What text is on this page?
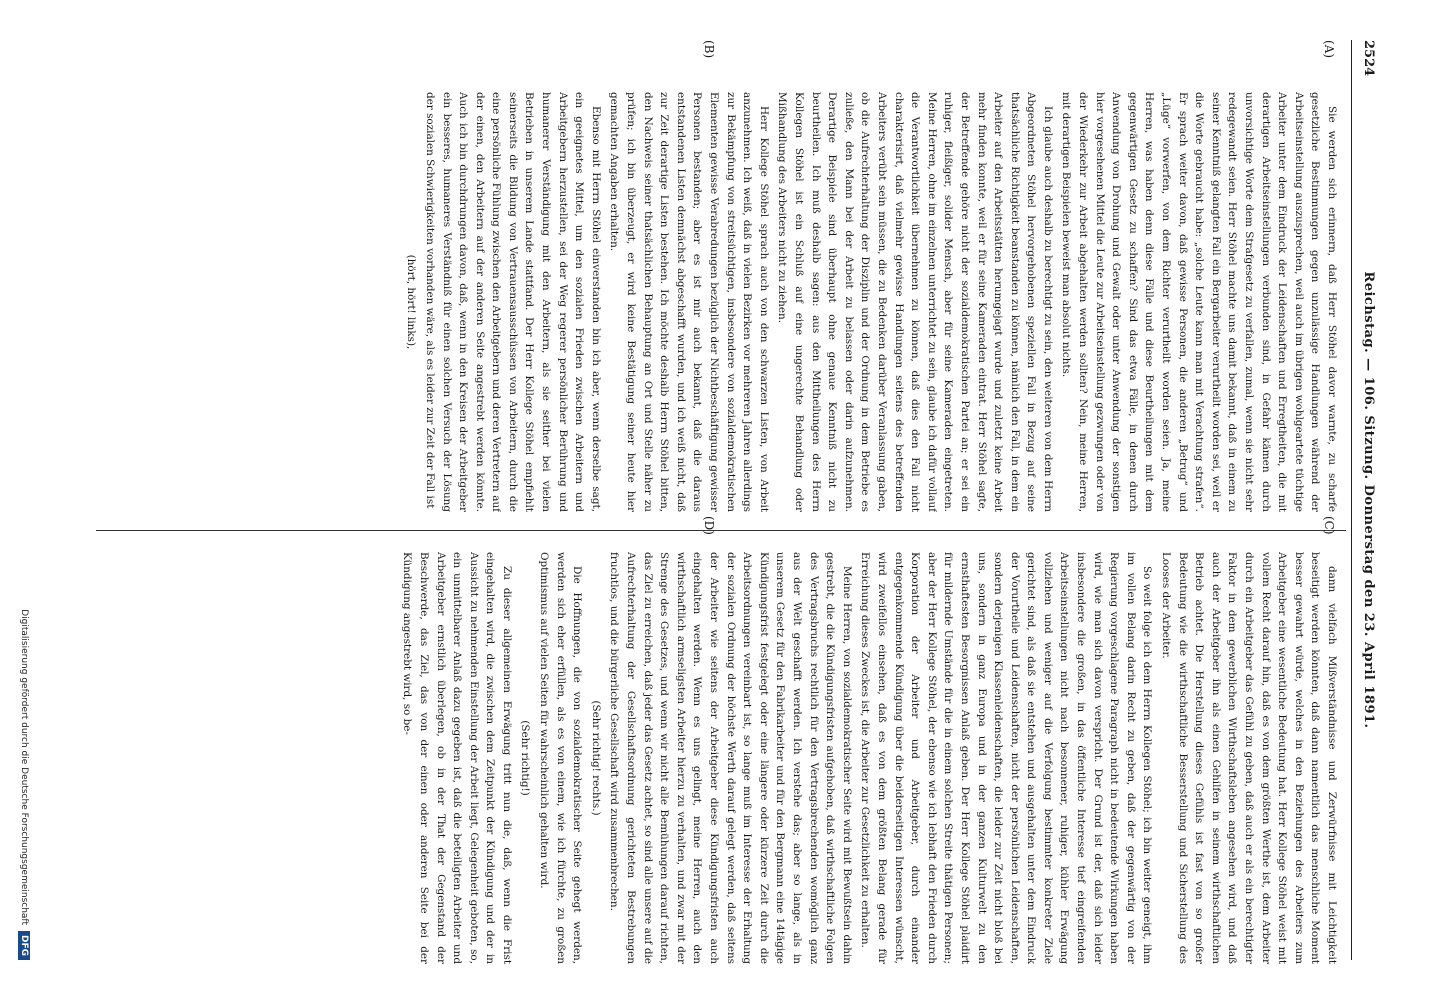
2524
Reichstag. — 106. Sitzung. Donnerstag den 23. April 1891.
(A)
(B)
(C)
(D)

Sie werden sich erinnern, daß Herr Stöhel davor warnte, zu scharfe gesetzliche Bestimmungen gegen unzulässige Handlungen während der Arbeitseinstellung auszusprechen, weil auch im übrigen wohlgeartete tüchtige Arbeiter unter dem Eindruck der Leidenschaften und Erregtheiten, die mit derartigen Arbeitseinstellungen verbunden sind, in Gefahr kämen durch unvorsichtige Worte dem Strafgesetz zu verfallen, zumal, wenn sie nicht sehr redegewandt seien. Herr Stöhel machte uns damit bekannt, daß in einem zu seiner Kenntniß gelangten Fall ein Bergarbeiter verurtheilt worden sei, weil er die Worte gebraucht habe: „solche Leute kann man mit Verachtung strafen“. Er sprach weiter davon, daß gewisse Personen, die anderen „Betrug“ und „Lüge“ vorwerfen, von dem Richter verurtheilt worden seien. Ja, meine Herren, was haben denn diese Fälle und diese Beurtheilungen mit dem gegenwärtigen Gesetz zu schaffen? Sind das etwa Fälle, in denen durch Anwendung von Drohung und Gewalt oder unter Anwendung der sonstigen hier vorgesehenen Mittel die Leute zur Arbeitseinstellung gezwungen oder von der Wiederkehr zur Arbeit abgehalten werden sollten? Nein, meine Herren, mit derartigen Beispielen beweist man absolut nichts.

Ich glaube auch deshalb zu berechtigt zu sein, den weiteren von dem Herrn Abgeordneten Stöhel hervorgehobenen speziellen Fall in Bezug auf seine thatsächliche Richtigkeit beanstanden zu können, nämlich den Fall, in dem ein Arbeiter auf den Arbeitsstätten herumgejagt wurde und zuletzt keine Arbeit mehr finden konnte, weil er für seine Kameraden eintrat. Herr Stöhel sagte, der Betreffende gehöre nicht der sozialdemokratischen Partei an; er sei ein ruhiger, fleißiger, solider Mensch, aber für seine Kameraden eingetreten. Meine Herren, ohne im einzelnen unterrichtet zu sein, glaube ich dafür vollauf die Verantwortlichkeit übernehmen zu können, daß dies den Fall nicht charakterisirt, daß vielmehr gewisse Handlungen seitens des betreffenden Arbeiters verübt sein müssen, die zu Bedenken darüber Veranlassung gaben, ob die Aufrechterhaltung der Disziplin und der Ordnung in dem Betriebe es zuließe, den Mann bei der Arbeit zu belassen oder darin aufzunehmen. Derartige Beispiele sind überhaupt ohne genaue Kenntniß nicht zu beurtheilen. Ich muß deshalb sagen: aus den Mittheilungen des Herrn Kollegen Stöhel ist ein Schluß auf eine ungerechte Behandlung oder Mißhandlung des Arbeiters nicht zu ziehen.

Herr Kollege Stöhel sprach auch von den schwarzen Listen, von Arbeit anzunehmen. Ich weiß, daß in vielen Bezirken vor mehreren Jahren allerdings zur Bekämpfung von streitsüchtigen, insbesondere von sozialdemokratischen Elementen gewisse Verabredungen bezüglich der Nichtbeschäftigung gewisser Personen bestanden; aber es ist mir auch bekannt, daß die daraus entstandenen Listen demnächst abgeschafft wurden, und ich weiß nicht, daß zur Zeit derartige Listen bestehen. Ich möchte deshalb Herrn Stöhel bitten, den Nachweis seiner thatsächlichen Behauptung an Ort und Stelle näher zu prüfen; ich bin überzeugt, er wird keine Bestätigung seiner heute hier gemachten Angaben erhalten.

Ebenso mit Herrn Stöhel einverstanden bin ich aber, wenn derselbe sagt, ein geeignetes Mittel, um den sozialen Frieden zwischen Arbeitern und Arbeitgebern herzustellen, sei der Weg regerer persönlicher Berührung und humanerer Verständigung mit den Arbeitern, als sie seither bei vielen Betrieben in unserem Lande stattfand. Der Herr Kollege Stöhel empfiehlt seinerseits die Bildung von Vertrauensausschüssen von Arbeitern, durch die eine persönliche Fühlung zwischen den Arbeitgebern und deren Vertretern auf der einen, den Arbeitern auf der anderen Seite angestrebt werden könnte. Auch ich bin durchdrungen davon, daß, wenn in den Kreisen der Arbeitgeber ein besseres, humaneres Verständniß für einen solchen Versuch der Lösung der sozialen Schwierigkeiten vorhanden wäre, als es leider zur Zeit der Fall ist

(hört, hört! links),

dann vielfach Mißverständnisse und Zerwürfnisse mit Leichtigkeit beseitigt werden könnten, daß dann namentlich das menschliche Moment besser gewahrt würde, welches in den Beziehungen des Arbeiters zum Arbeitgeber eine wesentliche Bedeutung hat. Herr Kollege Stöhel weist mit vollem Recht darauf hin, daß es von dem größten Werthe ist, dem Arbeiter durch ein Arbeitgeber das Gefühl zu geben, daß auch er als ein berechtigter Faktor in dem gewerblichen Wirthschaftsleben angesehen wird, und daß auch der Arbeitgeber ihn als einen Gehilfen in seinem wirthschaftlichen Betrieb achtet. Die Herstellung dieses Gefühls ist fast von so großer Bedeutung wie die wirthschaftliche Besserstellung und Sicherstellung des Looses der Arbeiter.

So weit folge ich dem Herrn Kollegen Stöhel; ich bin weiter geneigt, ihm im vollen Belang darin Recht zu geben, daß der gegenwärtig von der Regierung vorgeschlagene Paragraph nicht in bedeutende Wirkungen haben wird, wie man sich davon verspricht. Der Grund ist der, daß sich leider insbesondere die großen, in das öffentliche Interesse tief eingreifenden Arbeitseinstellungen nicht nach besonnener, ruhiger, kühler Erwägung vollziehen und weniger auf die Verfolgung bestimmter konkreter Ziele gerichtet sind, als daß sie entstehen und ausgehalten unter dem Eindruck der Vorurtheile und Leidenschaften, nicht der persönlichen Leidenschaften, sondern derjenigen Klassenleidenschaften, die leider zur Zeit nicht bloß bei uns, sondern in ganz Europa und in der ganzen Kulturwelt zu den ernsthaftesten Besorgnissen Anlaß geben. Der Herr Kollege Stöhel plaidirt für mildernde Umstände für die in einem solchen Streite thätigen Personen; aber der Herr Kollege Stöhel, der ebenso wie ich lebhaft den Frieden durch Korporation der Arbeiter und Arbeitgeber, durch einander entgegenkommende Kündigung über die beiderseitigen Interessen wünscht, wird zweifellos einsehen, daß es von dem größten Belang gerade für Erreichung dieses Zweckes ist, die Arbeiter zur Gesetzlichkeit zu erhalten.

Meine Herren, von sozialdemokratischer Seite wird mit Bewußtsein dahin gestrebt, die die Kündigungsfristen aufgehoben, daß wirthschaftliche Folgen des Vertragsbruchs rechtlich für den Vertragsbrechenden womöglich ganz aus der Welt geschafft werden. Ich verstehe das; aber so lange, als in unserem Gesetz für den Fabrikarbeiter und für den Bergmann eine 14tägige Kündigungsfrist festgelegt oder eine längere oder kürzere Zeit durch die Arbeitsordnungen vereinbart ist, so lange muß im Interesse der Erhaltung der sozialen Ordnung der höchste Werth darauf gelegt werden, daß seitens der Arbeiter wie seitens der Arbeitgeber diese Kündigungsfristen auch eingehalten werden. Wenn es uns gelingt, meine Herren, auch den wirthschaftlich armseligsten Arbeiter hierzu zu verhalten, und zwar mit der Strenge des Gesetzes, und wenn wir nicht alle Bemühungen darauf richten, das Ziel zu erreichen, daß jeder das Gesetz achtet, so sind alle unsere auf die Aufrechterhaltung der Gesellschaftsordnung gerichteten Bestrebungen fruchtlos, und die bürgerliche Gesellschaft wird zusammenbrechen.

(Sehr richtig! rechts.)

Die Hoffnungen, die von sozialdemokratischer Seite gehegt werden, werden sich eher erfüllen, als es von einem, wie ich fürchte, zu großen Optimismus auf vielen Seiten für wahrscheinlich gehalten wird.

(Sehr richtig!)

Zu dieser allgemeinen Erwägung tritt nun die, daß, wenn die Frist eingehalten wird, die zwischen dem Zeitpunkt der Kündigung und der in Aussicht zu nehmenden Einstellung der Arbeit liegt, Gelegenheit geboten, so, ein unmittelbarer Anlaß dazu gegeben ist, daß die beteiligten Arbeiter und Arbeitgeber ernstlich überlegen, ob in der That der Gegenstand der Beschwerde, das Ziel, das von der einen oder anderen Seite bei der Kündigung angestrebt wird, so be-

Digitalisierung gefördert durch die Deutsche Forschungsgemeinschaft
DFG
